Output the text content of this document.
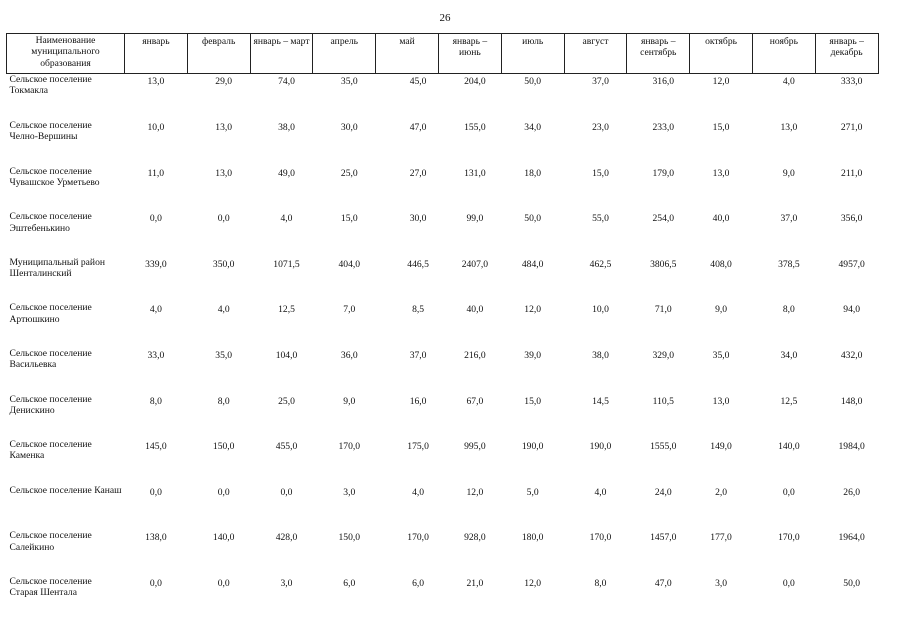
26
Наименование муниципального образования	январь	февраль	январь – март	апрель	май	январь – июнь	июль	август	январь – сентябрь	октябрь	ноябрь	январь – декабрь
Сельское поселение Токмакла	13,0	29,0	74,0	35,0	45,0	204,0	50,0	37,0	316,0	12,0	4,0	333,0
Сельское поселение Челно-Вершины	10,0	13,0	38,0	30,0	47,0	155,0	34,0	23,0	233,0	15,0	13,0	271,0
Сельское поселение Чувашское Урметьево	11,0	13,0	49,0	25,0	27,0	131,0	18,0	15,0	179,0	13,0	9,0	211,0
Сельское поселение Эштебенькино	0,0	0,0	4,0	15,0	30,0	99,0	50,0	55,0	254,0	40,0	37,0	356,0
Муниципальный район Шенталинский	339,0	350,0	1071,5	404,0	446,5	2407,0	484,0	462,5	3806,5	408,0	378,5	4957,0
Сельское поселение Артюшкино	4,0	4,0	12,5	7,0	8,5	40,0	12,0	10,0	71,0	9,0	8,0	94,0
Сельское поселение Васильевка	33,0	35,0	104,0	36,0	37,0	216,0	39,0	38,0	329,0	35,0	34,0	432,0
Сельское поселение Денискино	8,0	8,0	25,0	9,0	16,0	67,0	15,0	14,5	110,5	13,0	12,5	148,0
Сельское поселение Каменка	145,0	150,0	455,0	170,0	175,0	995,0	190,0	190,0	1555,0	149,0	140,0	1984,0
Сельское поселение Канаш	0,0	0,0	0,0	3,0	4,0	12,0	5,0	4,0	24,0	2,0	0,0	26,0
Сельское поселение Салейкино	138,0	140,0	428,0	150,0	170,0	928,0	180,0	170,0	1457,0	177,0	170,0	1964,0
Сельское поселение Старая Шентала	0,0	0,0	3,0	6,0	6,0	21,0	12,0	8,0	47,0	3,0	0,0	50,0
